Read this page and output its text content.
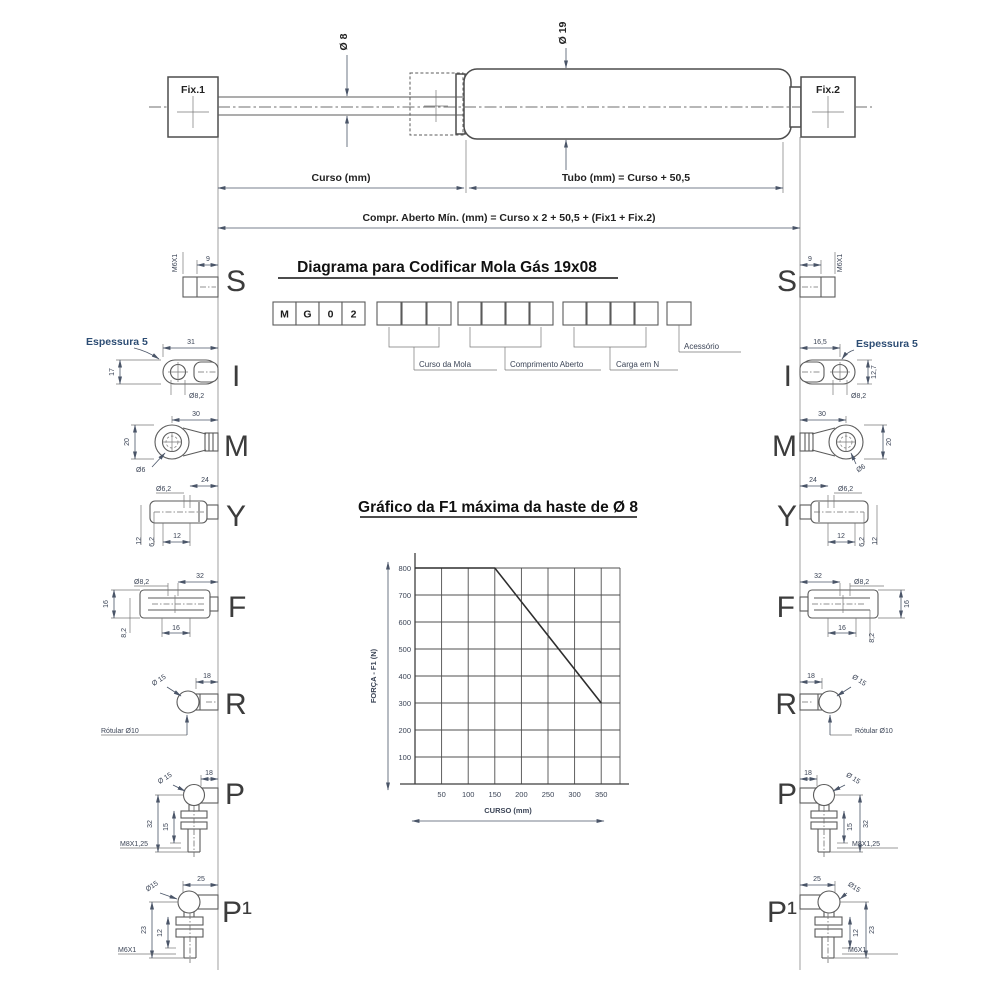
Fix.1	Fix.2
Ø 8	Ø 19
Curso (mm)	Tubo (mm) = Curso + 50,5
Compr. Aberto Mín. (mm) = Curso x 2 + 50,5 + (Fix1 + Fix.2)
Diagrama para Codificar Mola Gás 19x08
M G 0 2
Curso da Mola	Comprimento Aberto	Carga em N
Acessório
Gráfico da F1 máxima da haste de Ø 8
800
700
600
500
400
300
200
100
50 100 150 200 250 300 350
FORÇA - F1 (N)
CURSO (mm)
S
I
M
Y
F
R
P
P¹
9
M6X1
31
17
Ø8,2
Espessura 5
30
20
Ø6
Ø6,2
24
12
6,2
12
Ø8,2
32
16
16
8,2
18
Ø 15
Rótular Ø10
18
Ø 15
32 15
M8X1,25
25
Ø15
23 12
M6X1
S
I
M
Y
F
R
P
P¹
9	M6X1
16,5
12,7
Ø8,2
Espessura 5
30
20
Ø6
Ø6,2
24
12
6,2 12
Ø8,2
32
16
16
8,2
18	Ø 15
Rótular Ø10
18	Ø 15
32
15
M8X1,25
25
Ø15
23
12
M6X1
